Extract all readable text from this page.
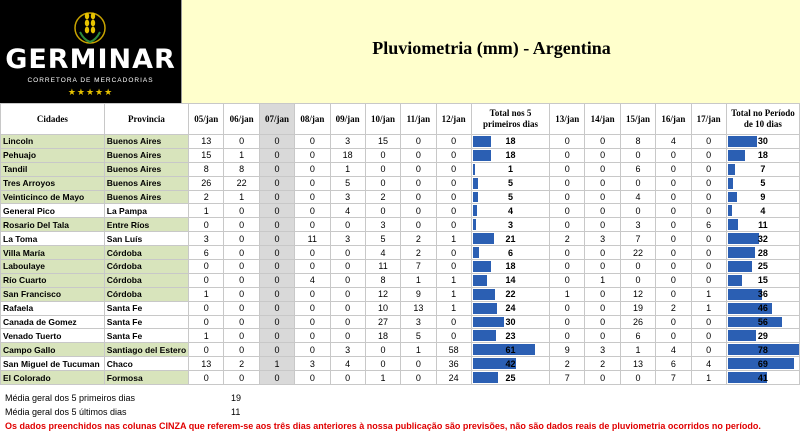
GERMINAR
CORRETORA DE MERCADORIAS
★★★★★
Pluviometria (mm) - Argentina
Cidades	Provincia	05/jan	06/jan	07/jan	08/jan	09/jan	10/jan	11/jan	12/jan	Total nos 5 primeiros dias	13/jan	14/jan	15/jan	16/jan	17/jan	Total no Período de 10 dias
Lincoln	Buenos Aires	13	0	0	0	3	15	0	0	18	0	0	8	4	0	30

Pehuajo	Buenos Aires	15	1	0	0	18	0	0	0	18	0	0	0	0	0	18

Tandil	Buenos Aires	8	8	0	0	1	0	0	0	1	0	0	6	0	0	7

Tres Arroyos	Buenos Aires	26	22	0	0	5	0	0	0	5	0	0	0	0	0	5

Veinticinco de Mayo	Buenos Aires	2	1	0	0	3	2	0	0	5	0	0	4	0	0	9

General Pico	La Pampa	1	0	0	0	4	0	0	0	4	0	0	0	0	0	4

Rosario Del Tala	Entre Ríos	0	0	0	0	0	3	0	0	3	0	0	3	0	6	11

La Toma	San Luís	3	0	0	11	3	5	2	1	21	2	3	7	0	0	32

Villa María	Córdoba	6	0	0	0	0	4	2	0	6	0	0	22	0	0	28

Laboulaye	Córdoba	0	0	0	0	0	11	7	0	18	0	0	0	0	0	25

Río Cuarto	Córdoba	0	0	0	4	0	8	1	1	14	0	1	0	0	0	15

San Francisco	Córdoba	1	0	0	0	0	12	9	1	22	1	0	12	0	1	36

Rafaela	Santa Fe	0	0	0	0	0	10	13	1	24	0	0	19	2	1	46

Canada de Gomez	Santa Fe	0	0	0	0	0	27	3	0	30	0	0	26	0	0	56

Venado Tuerto	Santa Fe	1	0	0	0	0	18	5	0	23	0	0	6	0	0	29

Campo Gallo	Santiago del Estero	0	0	0	0	3	0	1	58	61	9	3	1	4	0	78

San Miguel de Tucuman	Chaco	13	2	1	3	4	0	0	36	42	2	2	13	6	4	69

El Colorado	Formosa	0	0	0	0	0	1	0	24	25	7	0	0	7	1	41
Média geral dos 5 primeiros dias	19
Média geral dos 5 últimos dias	11
Os dados preenchidos nas colunas CINZA que referem-se aos três dias anteriores à nossa publicação são previsões, não são dados reais de pluviometria ocorridos no período.
